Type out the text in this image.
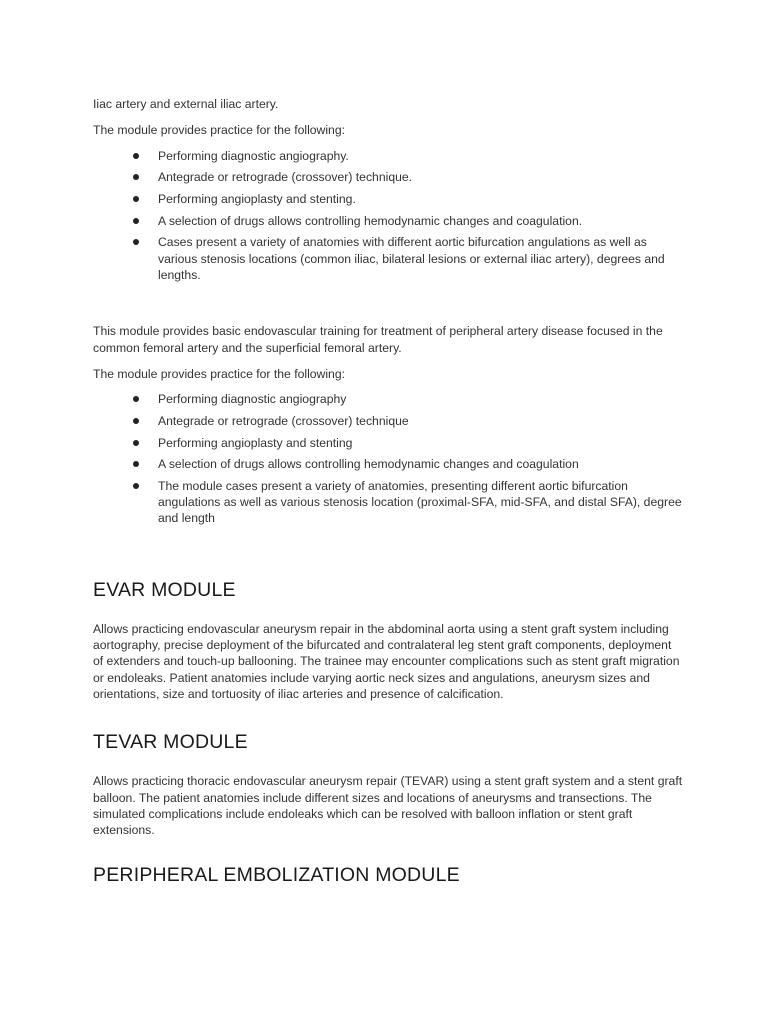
Iiac artery and external iliac artery.

The module provides practice for the following:

Performing diagnostic angiography.
Antegrade or retrograde (crossover) technique.
Performing angioplasty and stenting.
A selection of drugs allows controlling hemodynamic changes and coagulation.
Cases present a variety of anatomies with different aortic bifurcation angulations as well as various stenosis locations (common iliac, bilateral lesions or external iliac artery), degrees and lengths.

This module provides basic endovascular training for treatment of peripheral artery disease focused in the common femoral artery and the superficial femoral artery.

The module provides practice for the following:

Performing diagnostic angiography
Antegrade or retrograde (crossover) technique
Performing angioplasty and stenting
A selection of drugs allows controlling hemodynamic changes and coagulation
The module cases present a variety of anatomies, presenting different aortic bifurcation angulations as well as various stenosis location (proximal-SFA, mid-SFA, and distal SFA), degree and length
EVAR MODULE

Allows practicing endovascular aneurysm repair in the abdominal aorta using a stent graft system including aortography, precise deployment of the bifurcated and contralateral leg stent graft components, deployment of extenders and touch-up ballooning. The trainee may encounter complications such as stent graft migration or endoleaks. Patient anatomies include varying aortic neck sizes and angulations, aneurysm sizes and orientations, size and tortuosity of iliac arteries and presence of calcification.

TEVAR MODULE

Allows practicing thoracic endovascular aneurysm repair (TEVAR) using a stent graft system and a stent graft balloon. The patient anatomies include different sizes and locations of aneurysms and transections. The simulated complications include endoleaks which can be resolved with balloon inflation or stent graft extensions.

PERIPHERAL EMBOLIZATION MODULE
